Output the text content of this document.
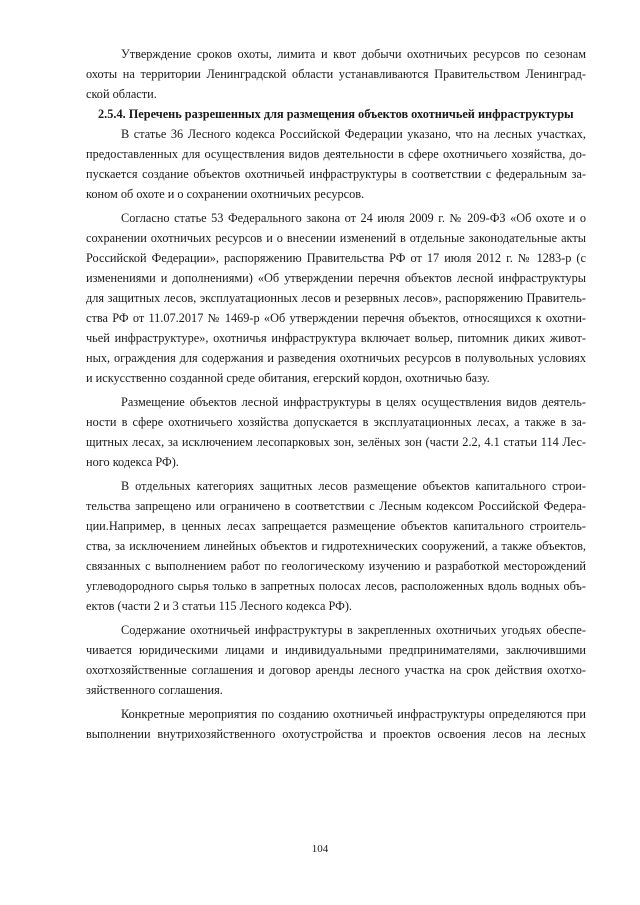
Утверждение сроков охоты, лимита и квот добычи охотничьих ресурсов по сезонам
охоты на территории Ленинградской области устанавливаются Правительством Ленинград-
ской области.
2.5.4. Перечень разрешенных для размещения объектов охотничьей инфраструктуры
В статье 36 Лесного кодекса Российской Федерации указано, что на лесных участках,
предоставленных для осуществления видов деятельности в сфере охотничьего хозяйства, до-
пускается создание объектов охотничьей инфраструктуры в соответствии с федеральным за-
коном об охоте и о сохранении охотничьих ресурсов.
Согласно статье 53 Федерального закона от 24 июля 2009 г. № 209-ФЗ «Об охоте и о
сохранении охотничьих ресурсов и о внесении изменений в отдельные законодательные акты
Российской Федерации», распоряжению Правительства РФ от 17 июля 2012 г. № 1283-р (с
изменениями и дополнениями) «Об утверждении перечня объектов лесной инфраструктуры
для защитных лесов, эксплуатационных лесов и резервных лесов», распоряжению Правитель-
ства РФ от 11.07.2017 № 1469-р «Об утверждении перечня объектов, относящихся к охотни-
чьей инфраструктуре», охотничья инфраструктура включает вольер, питомник диких живот-
ных, ограждения для содержания и разведения охотничьих ресурсов в полувольных условиях
и искусственно созданной среде обитания, егерский кордон, охотничью базу.
Размещение объектов лесной инфраструктуры в целях осуществления видов деятель-
ности в сфере охотничьего хозяйства допускается в эксплуатационных лесах, а также в за-
щитных лесах, за исключением лесопарковых зон, зелёных зон (части 2.2, 4.1 статьи 114 Лес-
ного кодекса РФ).
В отдельных категориях защитных лесов размещение объектов капитального строи-
тельства запрещено или ограничено в соответствии с Лесным кодексом Российской Федера-
ции.Например, в ценных лесах запрещается размещение объектов капитального строитель-
ства, за исключением линейных объектов и гидротехнических сооружений, а также объектов,
связанных с выполнением работ по геологическому изучению и разработкой месторождений
углеводородного сырья только в запретных полосах лесов, расположенных вдоль водных объ-
ектов (части 2 и 3 статьи 115 Лесного кодекса РФ).
Содержание охотничьей инфраструктуры в закрепленных охотничьих угодьях обеспе-
чивается юридическими лицами и индивидуальными предпринимателями, заключившими
охотхозяйственные соглашения и договор аренды лесного участка на срок действия охотхо-
зяйственного соглашения.
Конкретные мероприятия по созданию охотничьей инфраструктуры определяются при
выполнении внутрихозяйственного охотустройства и проектов освоения лесов на лесных
104
